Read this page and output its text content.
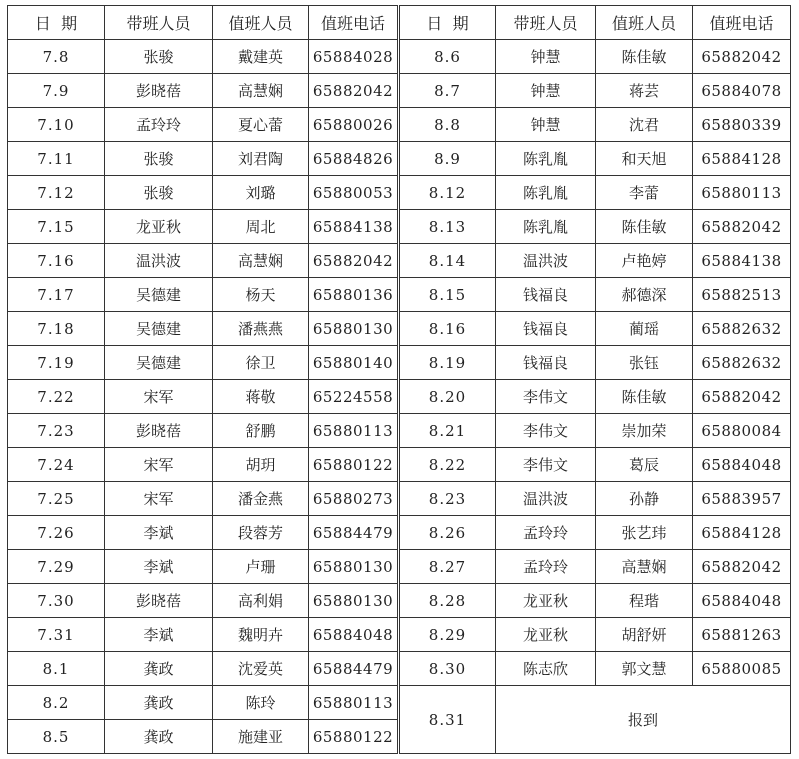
日  期	带班人员	值班人员	值班电话	日  期	带班人员	值班人员	值班电话
7.8	张骏	戴建英	65884028	8.6	钟慧	陈佳敏	65882042
7.9	彭晓蓓	高慧娴	65882042	8.7	钟慧	蒋芸	65884078
7.10	孟玲玲	夏心蕾	65880026	8.8	钟慧	沈君	65880339
7.11	张骏	刘君陶	65884826	8.9	陈乳胤	和天旭	65884128
7.12	张骏	刘璐	65880053	8.12	陈乳胤	李蕾	65880113
7.15	龙亚秋	周北	65884138	8.13	陈乳胤	陈佳敏	65882042
7.16	温洪波	高慧娴	65882042	8.14	温洪波	卢艳婷	65884138
7.17	吴德建	杨天	65880136	8.15	钱福良	郝德深	65882513
7.18	吴德建	潘燕燕	65880130	8.16	钱福良	蔺瑶	65882632
7.19	吴德建	徐卫	65880140	8.19	钱福良	张钰	65882632
7.22	宋军	蒋敬	65224558	8.20	李伟文	陈佳敏	65882042
7.23	彭晓蓓	舒鹏	65880113	8.21	李伟文	崇加荣	65880084
7.24	宋军	胡玥	65880122	8.22	李伟文	葛辰	65884048
7.25	宋军	潘金燕	65880273	8.23	温洪波	孙静	65883957
7.26	李斌	段蓉芳	65884479	8.26	孟玲玲	张艺玮	65884128
7.29	李斌	卢珊	65880130	8.27	孟玲玲	高慧娴	65882042
7.30	彭晓蓓	高利娟	65880130	8.28	龙亚秋	程瑎	65884048
7.31	李斌	魏明卉	65884048	8.29	龙亚秋	胡舒妍	65881263
8.1	龚政	沈爱英	65884479	8.30	陈志欣	郭文慧	65880085
8.2	龚政	陈玲	65880113	8.31	报到		
8.5	龚政	施建亚	65880122				
